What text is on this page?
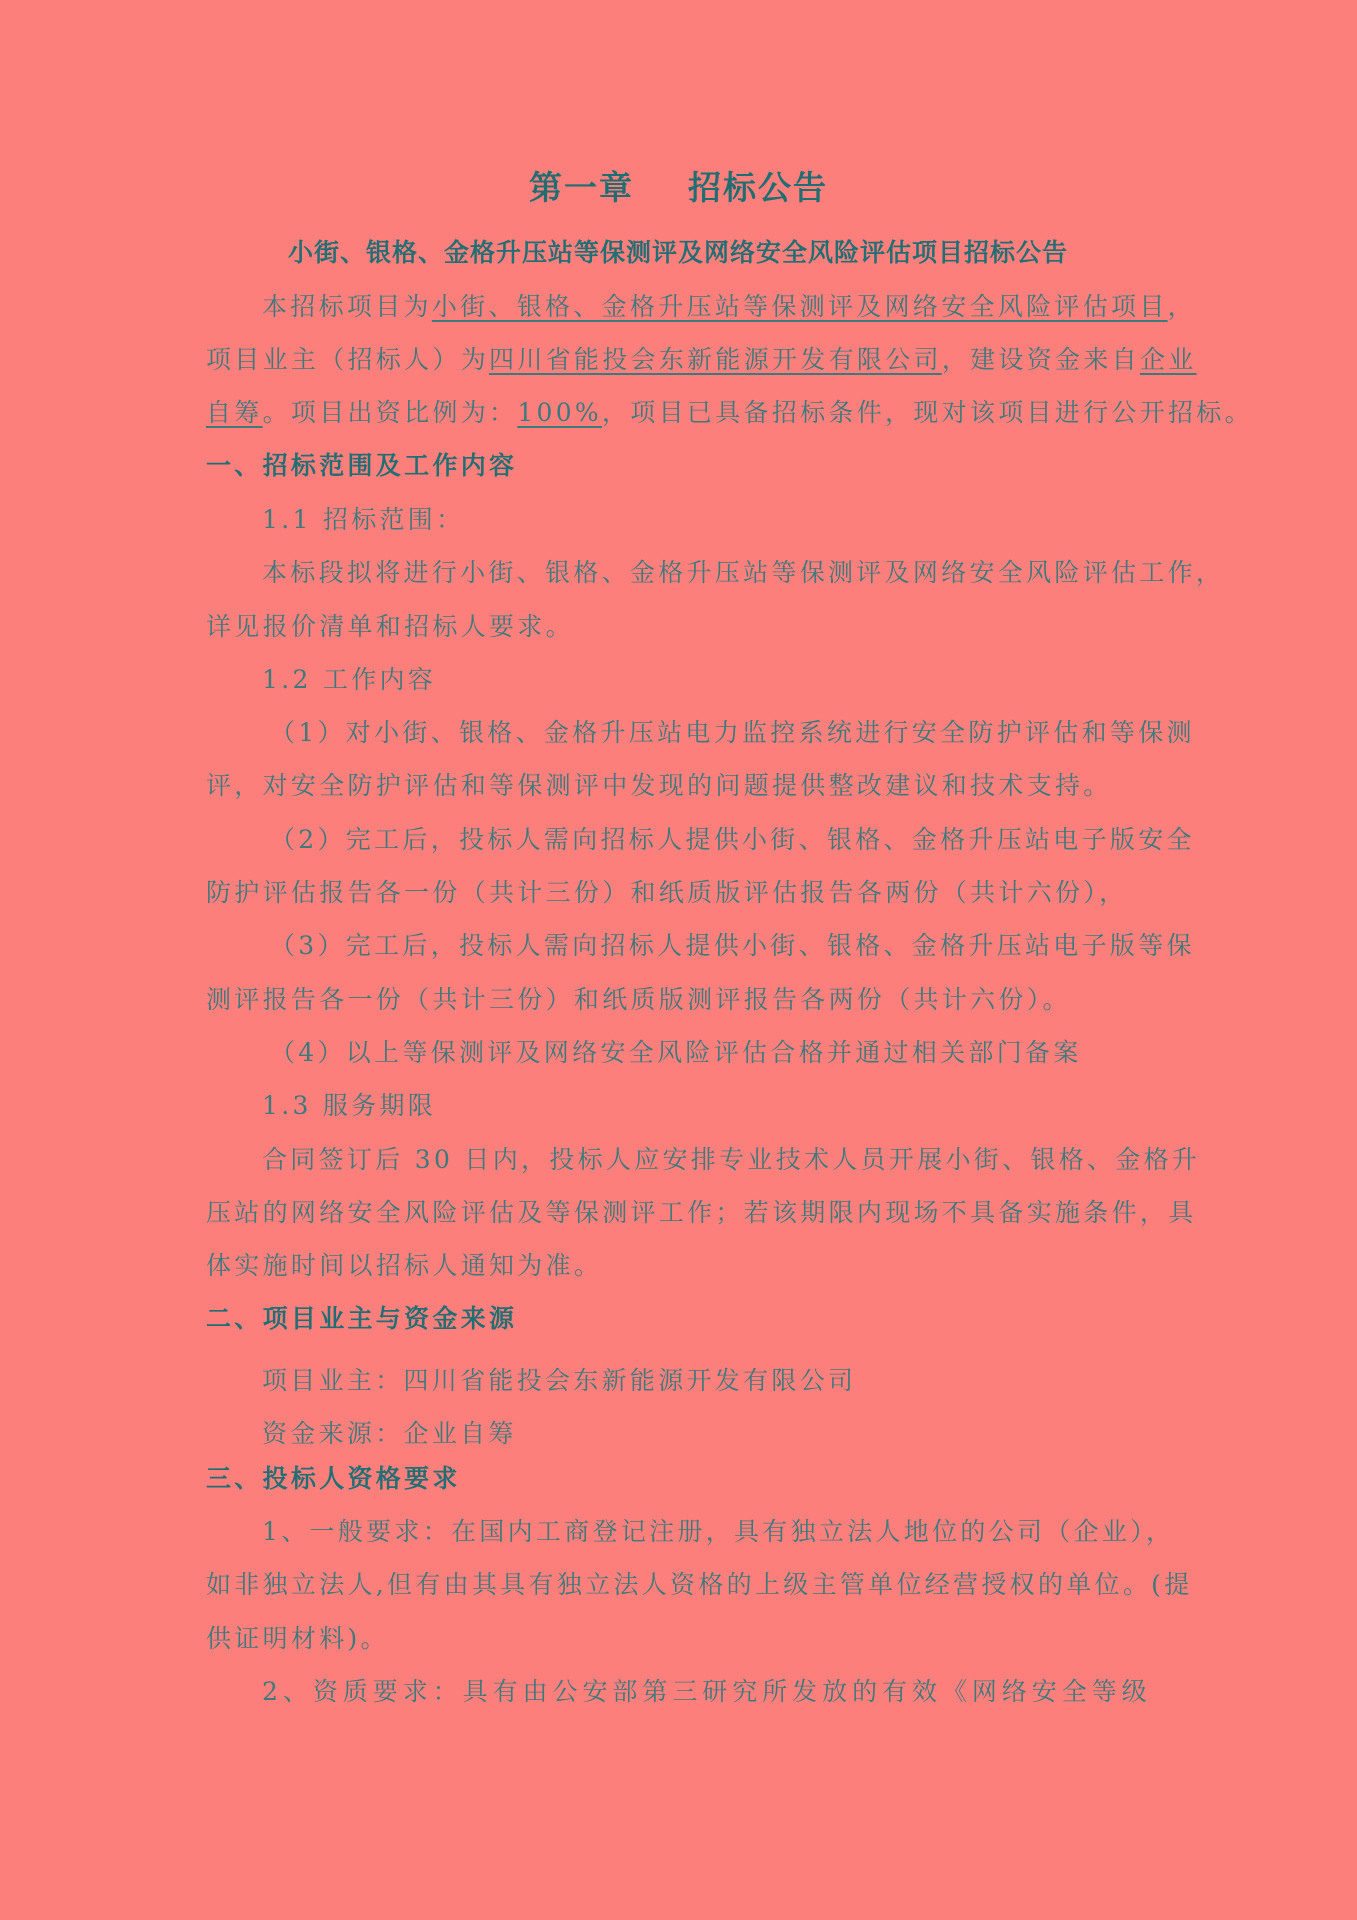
第一章    招标公告
小街、银格、金格升压站等保测评及网络安全风险评估项目招标公告
本招标项目为小街、银格、金格升压站等保测评及网络安全风险评估项目，
项目业主（招标人）为四川省能投会东新能源开发有限公司，建设资金来自企业
自筹。项目出资比例为：100%，项目已具备招标条件，现对该项目进行公开招标。
一、招标范围及工作内容
1.1 招标范围：
本标段拟将进行小街、银格、金格升压站等保测评及网络安全风险评估工作，
详见报价清单和招标人要求。
1.2 工作内容
（1）对小街、银格、金格升压站电力监控系统进行安全防护评估和等保测
评，对安全防护评估和等保测评中发现的问题提供整改建议和技术支持。
（2）完工后，投标人需向招标人提供小街、银格、金格升压站电子版安全
防护评估报告各一份（共计三份）和纸质版评估报告各两份（共计六份），
（3）完工后，投标人需向招标人提供小街、银格、金格升压站电子版等保
测评报告各一份（共计三份）和纸质版测评报告各两份（共计六份）。
（4）以上等保测评及网络安全风险评估合格并通过相关部门备案
1.3 服务期限
合同签订后 30 日内，投标人应安排专业技术人员开展小街、银格、金格升
压站的网络安全风险评估及等保测评工作；若该期限内现场不具备实施条件，具
体实施时间以招标人通知为准。
二、项目业主与资金来源
项目业主：四川省能投会东新能源开发有限公司
资金来源：企业自筹
三、投标人资格要求
1、一般要求：在国内工商登记注册，具有独立法人地位的公司（企业），
如非独立法人,但有由其具有独立法人资格的上级主管单位经营授权的单位。(提
供证明材料)。
2、资质要求：具有由公安部第三研究所发放的有效《网络安全等级
